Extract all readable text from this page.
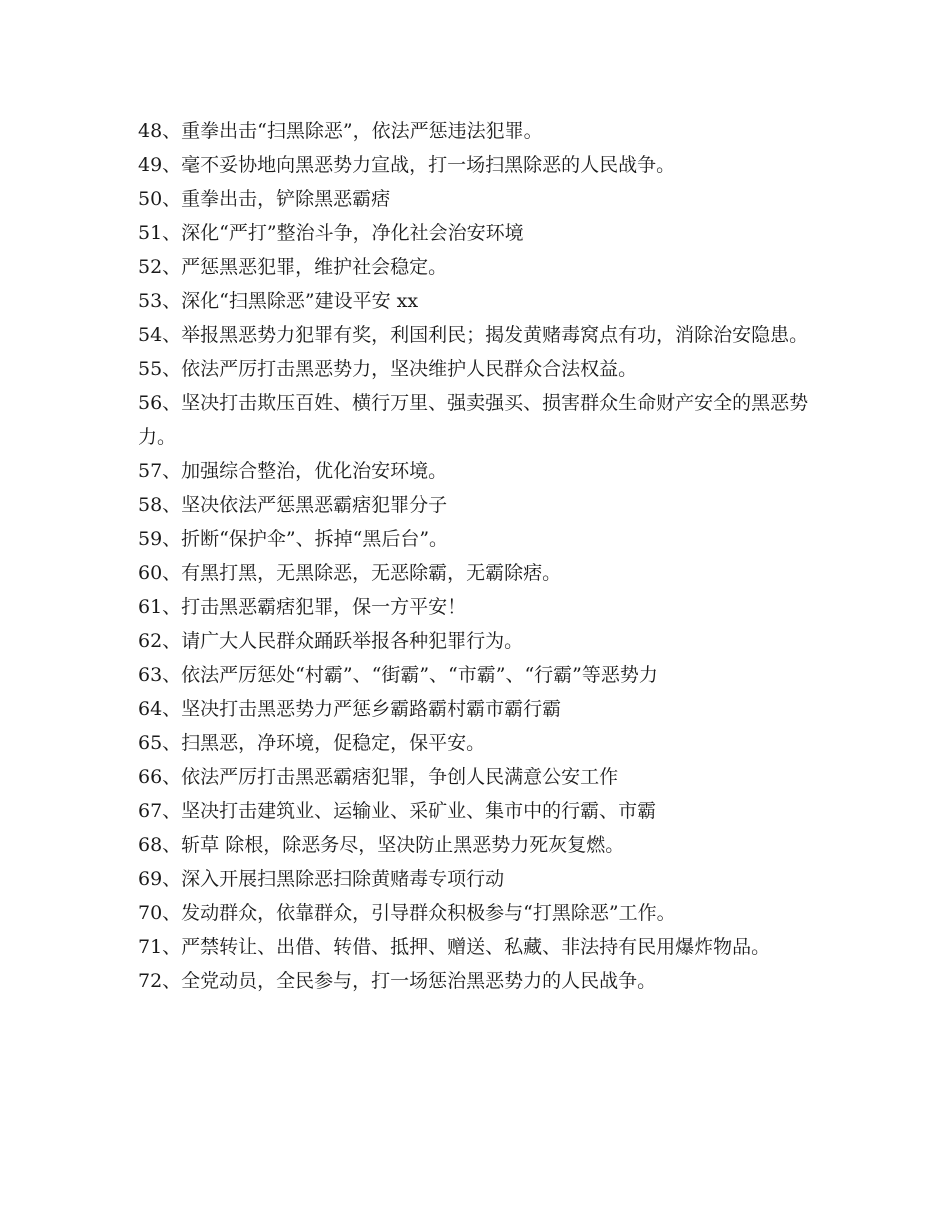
48、重拳出击“扫黑除恶”，依法严惩违法犯罪。

49、毫不妥协地向黑恶势力宣战，打一场扫黑除恶的人民战争。

50、重拳出击，铲除黑恶霸痞

51、深化“严打”整治斗争，净化社会治安环境

52、严惩黑恶犯罪，维护社会稳定。

53、深化“扫黑除恶”建设平安 xx

54、举报黑恶势力犯罪有奖，利国利民；揭发黄赌毒窝点有功，消除治安隐患。

55、依法严厉打击黑恶势力，坚决维护人民群众合法权益。

56、坚决打击欺压百姓、横行万里、强卖强买、损害群众生命财产安全的黑恶势力。

57、加强综合整治，优化治安环境。

58、坚决依法严惩黑恶霸痞犯罪分子

59、折断“保护伞”、拆掉“黑后台”。

60、有黑打黑，无黑除恶，无恶除霸，无霸除痞。

61、打击黑恶霸痞犯罪，保一方平安！

62、请广大人民群众踊跃举报各种犯罪行为。

63、依法严厉惩处“村霸”、“街霸”、“市霸”、“行霸”等恶势力

64、坚决打击黑恶势力严惩乡霸路霸村霸市霸行霸

65、扫黑恶，净环境，促稳定，保平安。

66、依法严厉打击黑恶霸痞犯罪，争创人民满意公安工作

67、坚决打击建筑业、运输业、采矿业、集市中的行霸、市霸

68、斩草 除根，除恶务尽，坚决防止黑恶势力死灰复燃。

69、深入开展扫黑除恶扫除黄赌毒专项行动

70、发动群众，依靠群众，引导群众积极参与“打黑除恶”工作。

71、严禁转让、出借、转借、抵押、赠送、私藏、非法持有民用爆炸物品。

72、全党动员，全民参与，打一场惩治黑恶势力的人民战争。
